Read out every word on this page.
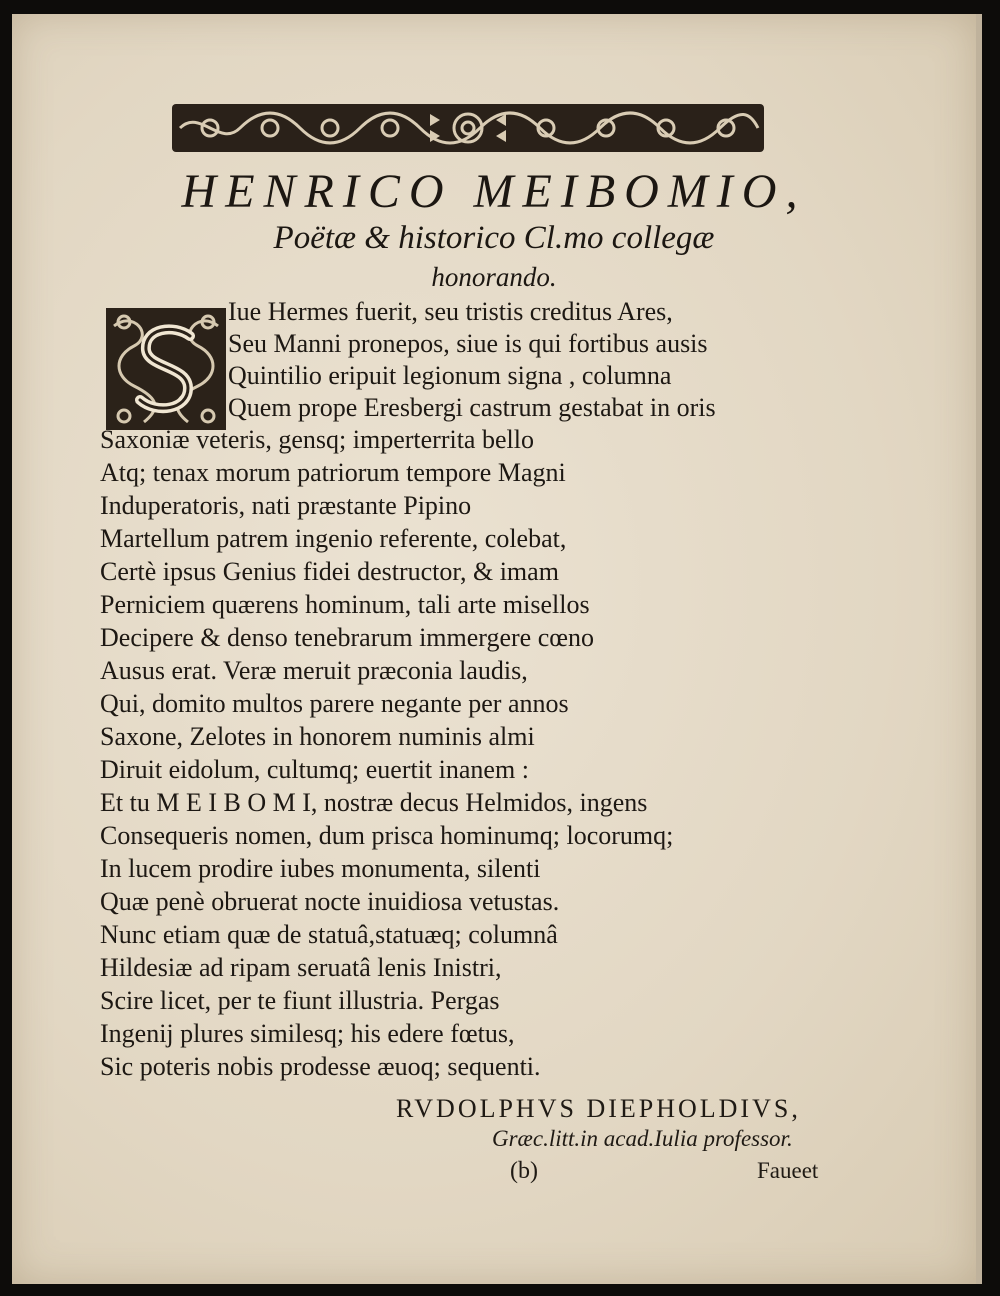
HENRICO MEIBOMIO,
Poëtæ & historico Cl.mo collegæ
honorando.
Iue Hermes fuerit, seu tristis creditus Ares,
Seu Manni pronepos, siue is qui fortibus ausis
Quintilio eripuit legionum signa , columna
Quem prope Eresbergi castrum gestabat in oris
Saxoniæ veteris, gensq; imperterrita bello
Atq; tenax morum patriorum tempore Magni
Induperatoris, nati præstante Pipino
Martellum patrem ingenio referente, colebat,
Certè ipsus Genius fidei destructor, & imam
Perniciem quærens hominum, tali arte misellos
Decipere & denso tenebrarum immergere cœno
Ausus erat. Veræ meruit præconia laudis,
Qui, domito multos parere negante per annos
Saxone, Zelotes in honorem numinis almi
Diruit eidolum, cultumq; euertit inanem :
Et tu M E I B O M I, nostræ decus Helmidos, ingens
Consequeris nomen, dum prisca hominumq; locorumq;
In lucem prodire iubes monumenta, silenti
Quæ penè obruerat nocte inuidiosa vetustas.
Nunc etiam quæ de statuâ,statuæq; columnâ
Hildesiæ ad ripam seruatâ lenis Inistri,
Scire licet, per te fiunt illustria. Pergas
Ingenij plures similesq; his edere fœtus,
Sic poteris nobis prodesse æuoq; sequenti.
RVDOLPHVS DIEPHOLDIVS,
Græc.litt.in acad.Iulia professor.
(b)	Faueet
